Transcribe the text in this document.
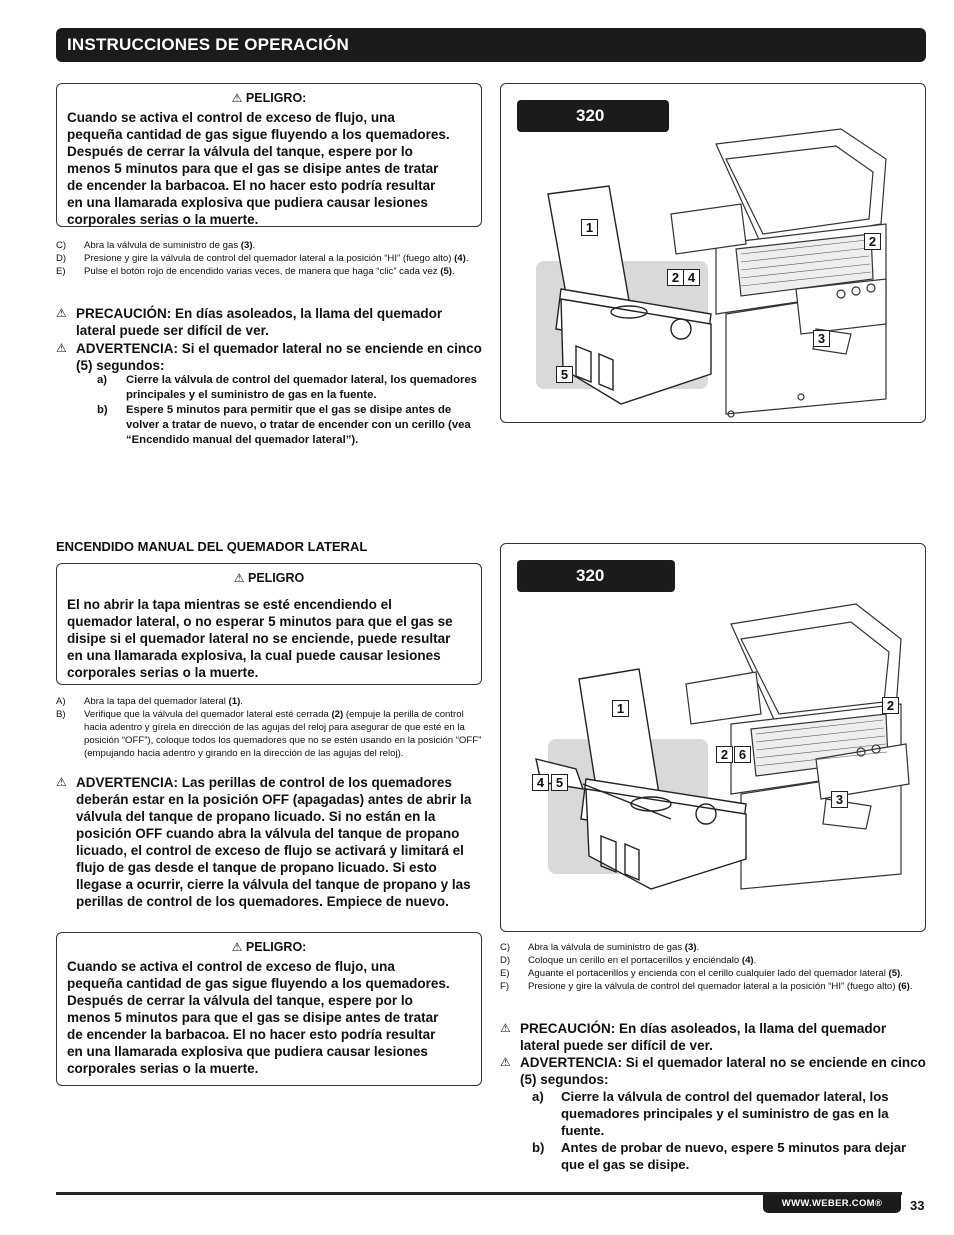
INSTRUCCIONES DE OPERACIÓN
⚠ PELIGRO:
Cuando se activa el control de exceso de flujo, una
pequeña cantidad de gas sigue fluyendo a los quemadores.
Después de cerrar la válvula del tanque, espere por lo
menos 5 minutos para que el gas se disipe antes de tratar
de encender la barbacoa. El no hacer esto podría resultar
en una llamarada explosiva que pudiera causar lesiones
corporales serias o la muerte.
C)	Abra la válvula de suministro de gas (3).
D)	Presione y gire la válvula de control del quemador lateral a la posición “HI” (fuego alto) (4).
E)	Pulse el botón rojo de encendido varias veces, de manera que haga “clic” cada vez (5).
⚠ PRECAUCIÓN: En días asoleados, la llama del quemador lateral puede ser difícil de ver.
⚠ ADVERTENCIA: Si el quemador lateral no se enciende en cinco (5) segundos:
a)	Cierre la válvula de control del quemador lateral, los quemadores principales y el suministro de gas en la fuente.
b)	Espere 5 minutos para permitir que el gas se disipe antes de volver a tratar de nuevo, o tratar de encender con un cerillo (vea “Encendido manual del quemador lateral”).
320
1
2 4
2
3
5
ENCENDIDO MANUAL DEL QUEMADOR LATERAL
⚠ PELIGRO
El no abrir la tapa mientras se esté encendiendo el
quemador lateral, o no esperar 5 minutos para que el gas se
disipe si el quemador lateral no se enciende, puede resultar
en una llamarada explosiva, la cual puede causar lesiones
corporales serias o la muerte.
A)	Abra la tapa del quemador lateral (1).
B)	Verifique que la válvula del quemador lateral esté cerrada (2) (empuje la perilla de control hacia adentro y gírela en dirección de las agujas del reloj para asegurar de que esté en la posición “OFF”), coloque todos los quemadores que no se estén usando en la posición “OFF” (empujando hacia adentro y girando en la dirección de las agujas del reloj).
⚠ ADVERTENCIA: Las perillas de control de los quemadores deberán estar en la posición OFF (apagadas) antes de abrir la válvula del tanque de propano licuado. Si no están en la posición OFF cuando abra la válvula del tanque de propano licuado, el control de exceso de flujo se activará y limitará el flujo de gas desde el tanque de propano licuado. Si esto llegase a ocurrir, cierre la válvula del tanque de propano y las perillas de control de los quemadores. Empiece de nuevo.
⚠ PELIGRO:
Cuando se activa el control de exceso de flujo, una
pequeña cantidad de gas sigue fluyendo a los quemadores.
Después de cerrar la válvula del tanque, espere por lo
menos 5 minutos para que el gas se disipe antes de tratar
de encender la barbacoa. El no hacer esto podría resultar
en una llamarada explosiva que pudiera causar lesiones
corporales serias o la muerte.
320
1
2 6
4 5
2
3
C)	Abra la válvula de suministro de gas (3).
D)	Coloque un cerillo en el portacerillos y enciéndalo (4).
E)	Aguante el portacerillos y encienda con el cerillo cualquier lado del quemador lateral (5).
F)	Presione y gire la válvula de control del quemador lateral a la posición “HI” (fuego alto) (6).
⚠ PRECAUCIÓN: En días asoleados, la llama del quemador lateral puede ser difícil de ver.
⚠ ADVERTENCIA: Si el quemador lateral no se enciende en cinco (5) segundos:
a)	Cierre la válvula de control del quemador lateral, los quemadores principales y el suministro de gas en la fuente.
b)	Antes de probar de nuevo, espere 5 minutos para dejar que el gas se disipe.
WWW.WEBER.COM®	33
